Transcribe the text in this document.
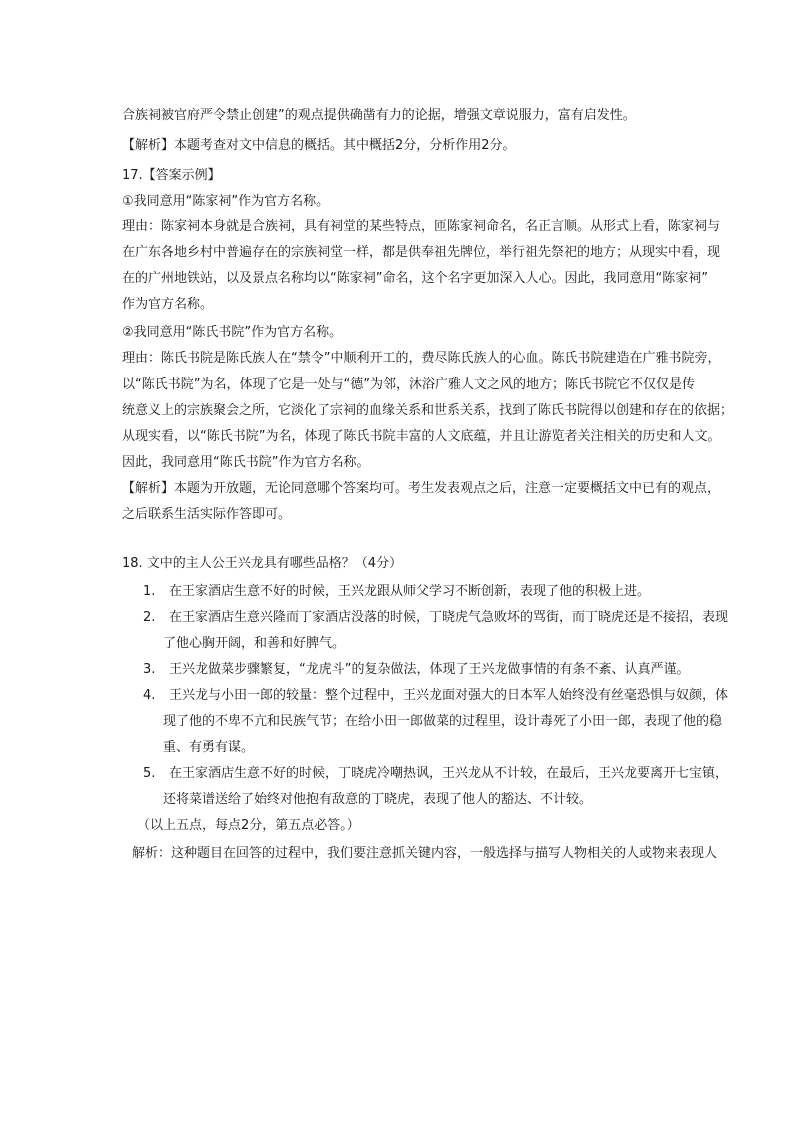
合族祠被官府严令禁止创建”的观点提供确凿有力的论据，增强文章说服力，富有启发性。
【解析】本题考查对文中信息的概括。其中概括2分，分析作用2分。
17.【答案示例】
①我同意用“陈家祠”作为官方名称。
理由：陈家祠本身就是合族祠，具有祠堂的某些特点，匝陈家祠命名，名正言顺。从形式上看，陈家祠与
在广东各地乡村中普遍存在的宗族祠堂一样，都是供奉祖先牌位，举行祖先祭祀的地方；从现实中看，现
在的广州地铁站，以及景点名称均以“陈家祠”命名，这个名字更加深入人心。因此，我同意用“陈家祠”
作为官方名称。
②我同意用“陈氏书院”作为官方名称。
理由：陈氏书院是陈氏族人在“禁令”中顺利开工的，费尽陈氏族人的心血。陈氏书院建造在广雅书院旁，
以“陈氏书院”为名，体现了它是一处与“德”为邻，沐浴广雅人文之风的地方；陈氏书院它不仅仅是传
统意义上的宗族聚会之所，它淡化了宗祠的血缘关系和世系关系，找到了陈氏书院得以创建和存在的依据；
从现实看，以“陈氏书院”为名，体现了陈氏书院丰富的人文底蕴，并且让游览者关注相关的历史和人文。
因此，我同意用“陈氏书院”作为官方名称。
【解析】本题为开放题，无论同意哪个答案均可。考生发表观点之后，注意一定要概括文中已有的观点，
之后联系生活实际作答即可。
18. 文中的主人公王兴龙具有哪些品格？（4分）
1. 在王家酒店生意不好的时候，王兴龙跟从师父学习不断创新，表现了他的积极上进。
2. 在王家酒店生意兴隆而丁家酒店没落的时候，丁晓虎气急败坏的骂街，而丁晓虎还是不接招，表现
了他心胸开阔，和善和好脾气。
3. 王兴龙做菜步骤繁复，“龙虎斗”的复杂做法，体现了王兴龙做事情的有条不紊、认真严谨。
4. 王兴龙与小田一郎的较量：整个过程中，王兴龙面对强大的日本军人始终没有丝毫恐惧与奴颜，体
现了他的不卑不亢和民族气节；在给小田一郎做菜的过程里，设计毒死了小田一郎，表现了他的稳
重、有勇有谋。
5. 在王家酒店生意不好的时候，丁晓虎冷嘲热讽，王兴龙从不计较，在最后，王兴龙要离开七宝镇，
还将菜谱送给了始终对他抱有敌意的丁晓虎，表现了他人的豁达、不计较。
（以上五点，每点2分，第五点必答。）
解析：这种题目在回答的过程中，我们要注意抓关键内容，一般选择与描写人物相关的人或物来表现人
